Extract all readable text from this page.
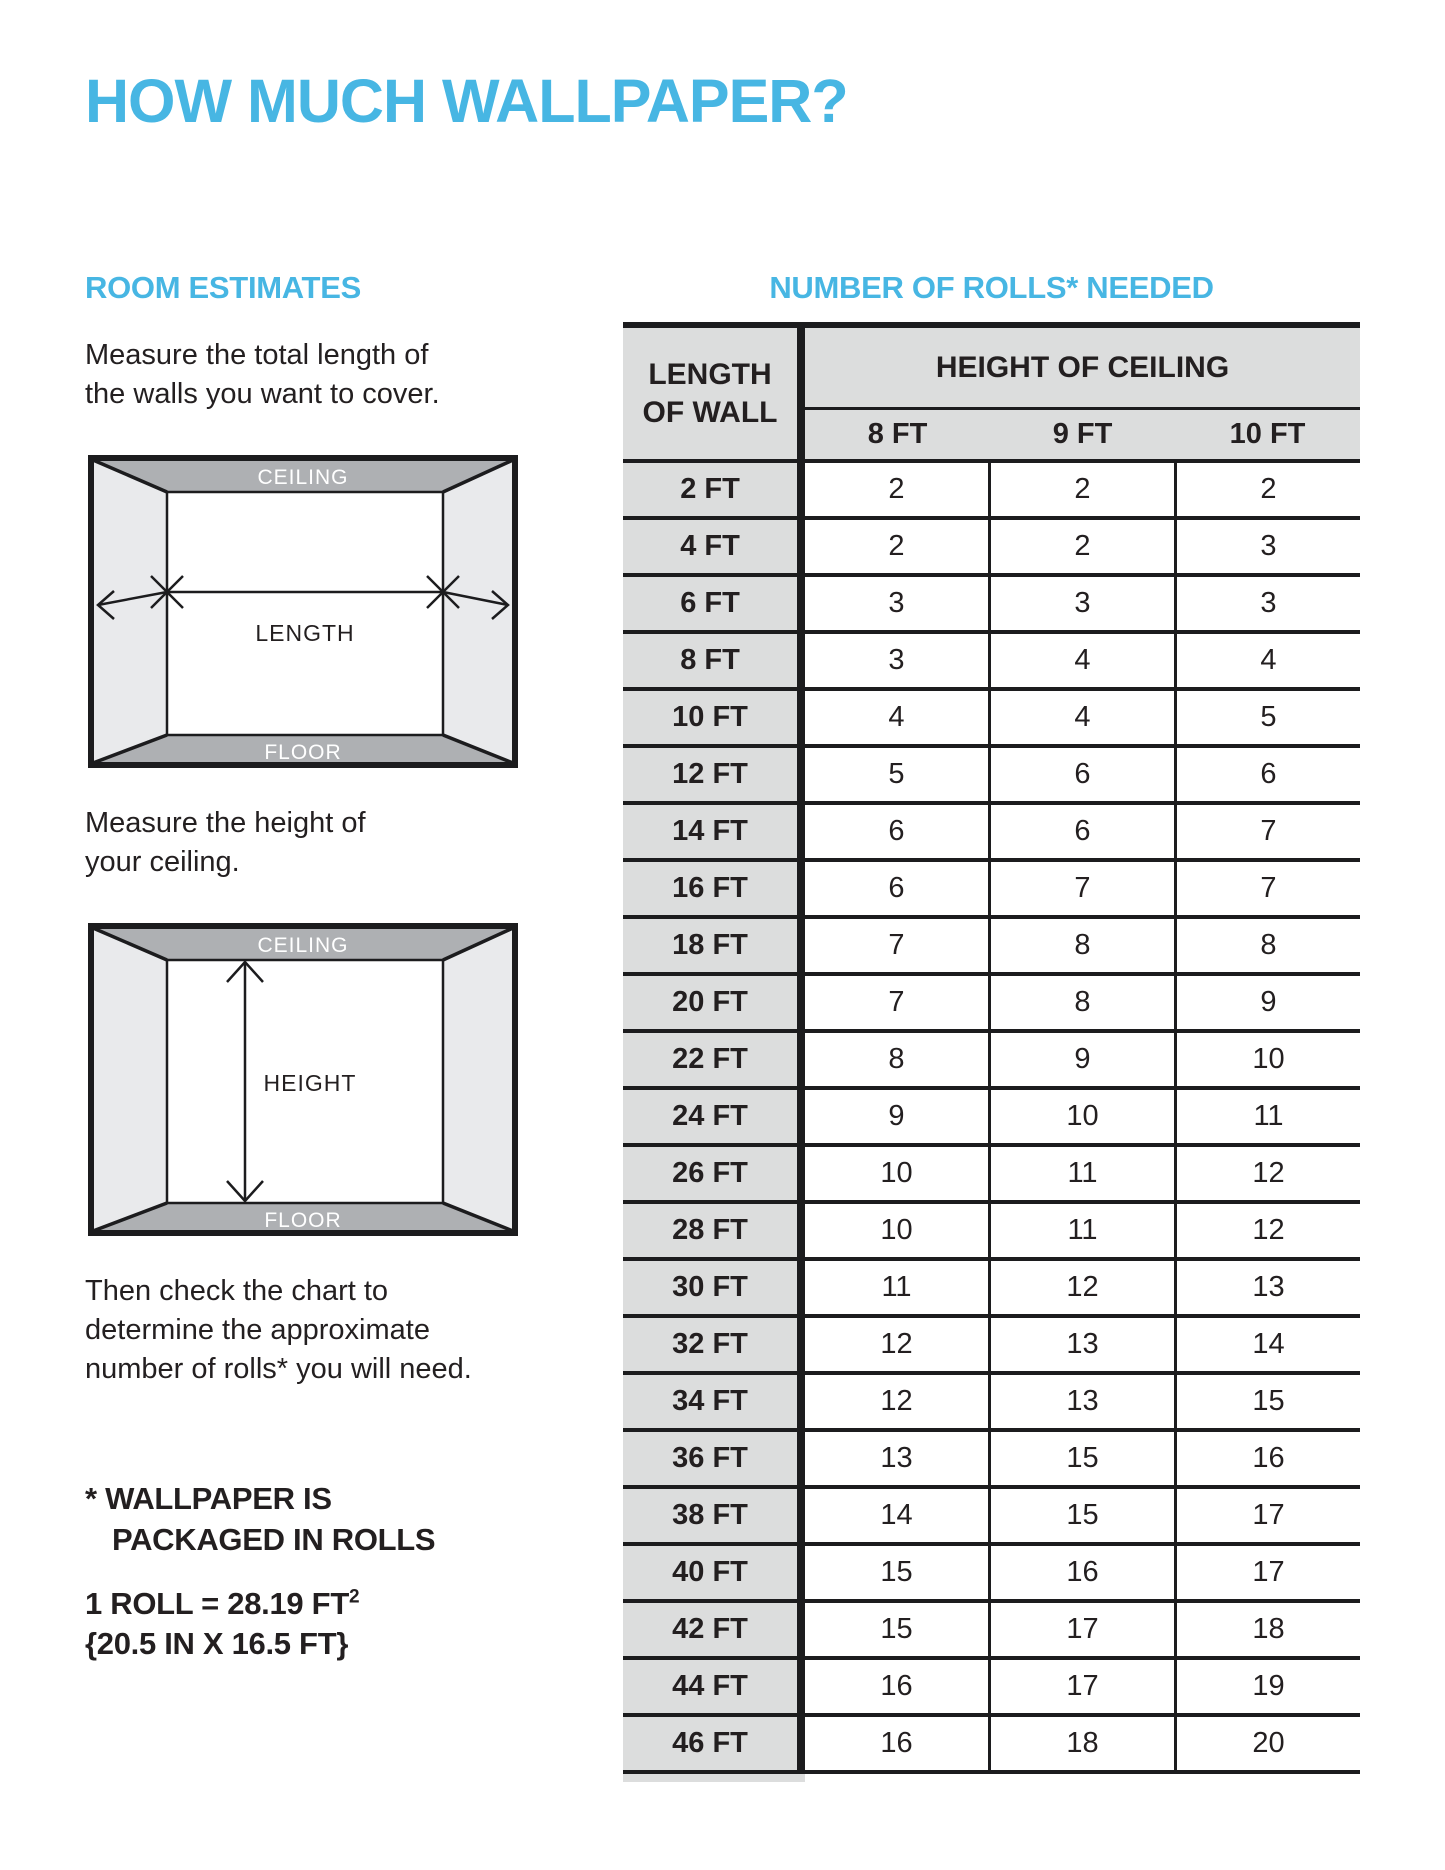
HOW MUCH WALLPAPER?
ROOM ESTIMATES
Measure the total length of
the walls you want to cover.
CEILING
FLOOR
LENGTH
Measure the height of
your ceiling.
CEILING
FLOOR
HEIGHT
Then check the chart to
determine the approximate
number of rolls* you will need.
* WALLPAPER IS
PACKAGED IN ROLLS
1 ROLL = 28.19 $FT^2$
{20.5 IN X 16.5 FT}
NUMBER OF ROLLS* NEEDED
LENGTH OF WALL
HEIGHT OF CEILING
8 FT	9 FT	10 FT
2 FT	2	2	2
4 FT	2	2	3
6 FT	3	3	3
8 FT	3	4	4
10 FT	4	4	5
12 FT	5	6	6
14 FT	6	6	7
16 FT	6	7	7
18 FT	7	8	8
20 FT	7	8	9
22 FT	8	9	10
24 FT	9	10	11
26 FT	10	11	12
28 FT	10	11	12
30 FT	11	12	13
32 FT	12	13	14
34 FT	12	13	15
36 FT	13	15	16
38 FT	14	15	17
40 FT	15	16	17
42 FT	15	17	18
44 FT	16	17	19
46 FT	16	18	20
